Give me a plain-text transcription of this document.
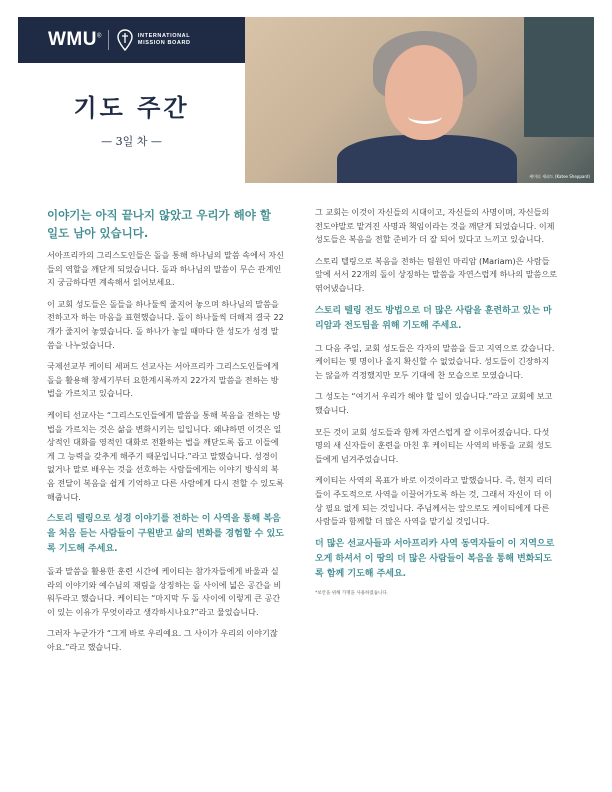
WMU®	INTERNATIONAL
MISSION BOARD
기도 주간
— 3일 차 —
케이티 세퍼드 (Katee Sheppard)
이야기는 아직 끝나지 않았고 우리가 해야 할 일도 남아 있습니다.

서아프리카의 그리스도인들은 돌을 통해 하나님의 말씀 속에서 자신들의 역할을 깨닫게 되었습니다. 돌과 하나님의 말씀이 무슨 관계인지 궁금하다면 계속해서 읽어보세요.

이 교회 성도들은 돌들을 하나둘씩 줄지어 놓으며 하나님의 말씀을 전하고자 하는 마음을 표현했습니다. 돌이 하나둘씩 더해져 결국 22개가 줄지어 놓였습니다. 돌 하나가 놓일 때마다 한 성도가 성경 말씀을 나누었습니다.

국제선교부 케이티 세퍼드 선교사는 서아프리카 그리스도인들에게 돌을 활용해 창세기부터 요한계시록까지 22가지 말씀을 전하는 방법을 가르치고 있습니다.

케이티 선교사는 “그리스도인들에게 말씀을 통해 복음을 전하는 방법을 가르치는 것은 삶을 변화시키는 일입니다. 왜냐하면 이것은 일상적인 대화를 영적인 대화로 전환하는 법을 깨닫도록 돕고 이들에게 그 능력을 갖추게 해주기 때문입니다.”라고 말했습니다. 성경이 없거나 말로 배우는 것을 선호하는 사람들에게는 이야기 방식의 복음 전달이 복음을 쉽게 기억하고 다른 사람에게 다시 전할 수 있도록 해줍니다.

스토리 텔링으로 성경 이야기를 전하는 이 사역을 통해 복음을 처음 듣는 사람들이 구원받고 삶의 변화를 경험할 수 있도록 기도해 주세요.

돌과 말씀을 활용한 훈련 시간에 케이티는 참가자들에게 바울과 실라의 이야기와 예수님의 재림을 상징하는 돌 사이에 넓은 공간을 비워두라고 했습니다. 케이티는 “마지막 두 돌 사이에 이렇게 큰 공간이 있는 이유가 무엇이라고 생각하시나요?”라고 물었습니다.

그러자 누군가가 “그게 바로 우리예요. 그 사이가 우리의 이야기잖아요.”라고 했습니다.

그 교회는 이것이 자신들의 시대이고, 자신들의 사명이며, 자신들의 전도야말로 맡겨진 사명과 책임이라는 것을 깨닫게 되었습니다. 이제 성도들은 복음을 전할 준비가 더 잘 되어 있다고 느끼고 있습니다.

스토리 텔링으로 복음을 전하는 팀원인 마리암 (Mariam)은 사람들 앞에 서서 22개의 돌이 상징하는 말씀을 자연스럽게 하나의 말씀으로 엮어냈습니다.

스토리 텔링 전도 방법으로 더 많은 사람을 훈련하고 있는 마리암과 전도팀을 위해 기도해 주세요.

그 다음 주일, 교회 성도들은 각자의 말씀을 들고 지역으로 갔습니다. 케이티는 몇 명이나 올지 확신할 수 없었습니다. 성도들이 긴장하지는 않을까 걱정했지만 모두 기대에 찬 모습으로 모였습니다.

그 성도는 “여기서 우리가 해야 할 일이 있습니다.”라고 교회에 보고했습니다.

모든 것이 교회 성도들과 함께 자연스럽게 잘 이루어졌습니다. 다섯 명의 새 신자들이 훈련을 마친 후 케이티는 사역의 바통을 교회 성도들에게 넘겨주었습니다.

케이티는 사역의 목표가 바로 이것이라고 말했습니다. 즉, 현지 리더들이 주도적으로 사역을 이끌어가도록 하는 것, 그래서 자신이 더 이상 필요 없게 되는 것입니다. 주님께서는 앞으로도 케이티에게 다른 사람들과 함께할 더 많은 사역을 맡기실 것입니다.

더 많은 선교사들과 서아프리카 사역 동역자들이 이 지역으로 오게 하셔서 이 땅의 더 많은 사람들이 복음을 통해 변화되도록 함께 기도해 주세요.

*보안을 위해 가명을 사용하였습니다.
